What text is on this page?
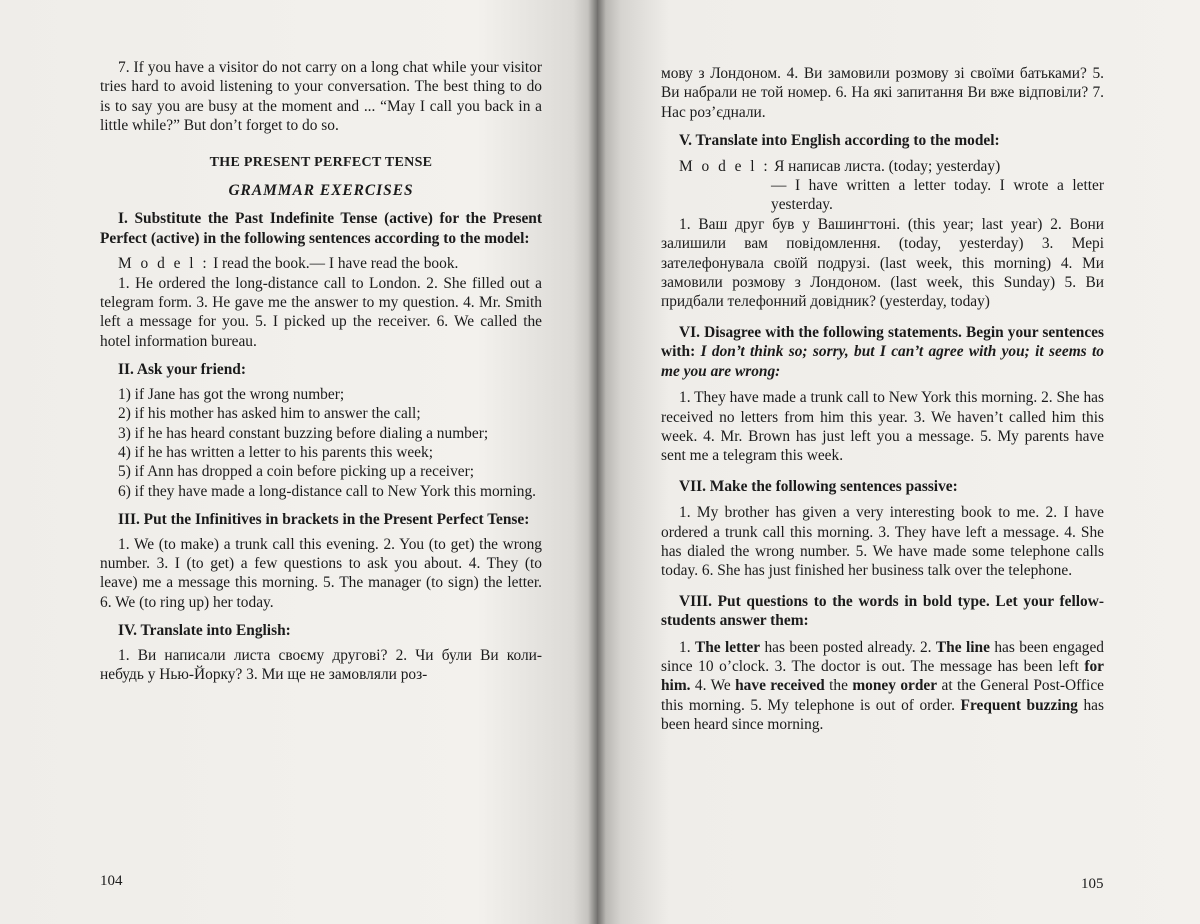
7. If you have a visitor do not carry on a long chat while your visitor tries hard to avoid listening to your conversation. The best thing to do is to say you are busy at the moment and ... “May I call you back in a little while?” But don’t forget to do so.

THE PRESENT PERFECT TENSE

GRAMMAR EXERCISES

I. Substitute the Past Indefinite Tense (active) for the Present Perfect (active) in the following sentences according to the model:

M o d e l : I read the book.— I have read the book.

1. He ordered the long-distance call to London. 2. She filled out a telegram form. 3. He gave me the answer to my question. 4. Mr. Smith left a message for you. 5. I picked up the receiver. 6. We called the hotel information bureau.

II. Ask your friend:

1) if Jane has got the wrong number;

2) if his mother has asked him to answer the call;

3) if he has heard constant buzzing before dialing a number;

4) if he has written a letter to his parents this week;

5) if Ann has dropped a coin before picking up a receiver;

6) if they have made a long-distance call to New York this morning.

III. Put the Infinitives in brackets in the Present Perfect Tense:

1. We (to make) a trunk call this evening. 2. You (to get) the wrong number. 3. I (to get) a few questions to ask you about. 4. They (to leave) me a message this morning. 5. The manager (to sign) the letter. 6. We (to ring up) her today.

IV. Translate into English:

1. Ви написали листа своєму другові? 2. Чи були Ви коли-небудь у Нью-Йорку? 3. Ми ще не замовляли роз-

104

мову з Лондоном. 4. Ви замовили розмову зі своїми батьками? 5. Ви набрали не той номер. 6. На які запитання Ви вже відповіли? 7. Нас роз’єднали.

V. Translate into English according to the model:

M o d e l : Я написав листа. (today; yesterday)

— I have written a letter today. I wrote a letter yesterday.

1. Ваш друг був у Вашингтоні. (this year; last year) 2. Вони залишили вам повідомлення. (today, yesterday) 3. Мері зателефонувала своїй подрузі. (last week, this morning) 4. Ми замовили розмову з Лондоном. (last week, this Sunday) 5. Ви придбали телефонний довідник? (yesterday, today)

VI. Disagree with the following statements. Begin your sentences with: I don’t think so; sorry, but I can’t agree with you; it seems to me you are wrong:

1. They have made a trunk call to New York this morning. 2. She has received no letters from him this year. 3. We haven’t called him this week. 4. Mr. Brown has just left you a message. 5. My parents have sent me a telegram this week.

VII. Make the following sentences passive:

1. My brother has given a very interesting book to me. 2. I have ordered a trunk call this morning. 3. They have left a message. 4. She has dialed the wrong number. 5. We have made some telephone calls today. 6. She has just finished her business talk over the telephone.

VIII. Put questions to the words in bold type. Let your fellow-students answer them:

1. The letter has been posted already. 2. The line has been engaged since 10 o’clock. 3. The doctor is out. The message has been left for him. 4. We have received the money order at the General Post-Office this morning. 5. My telephone is out of order. Frequent buzzing has been heard since morning.

105
